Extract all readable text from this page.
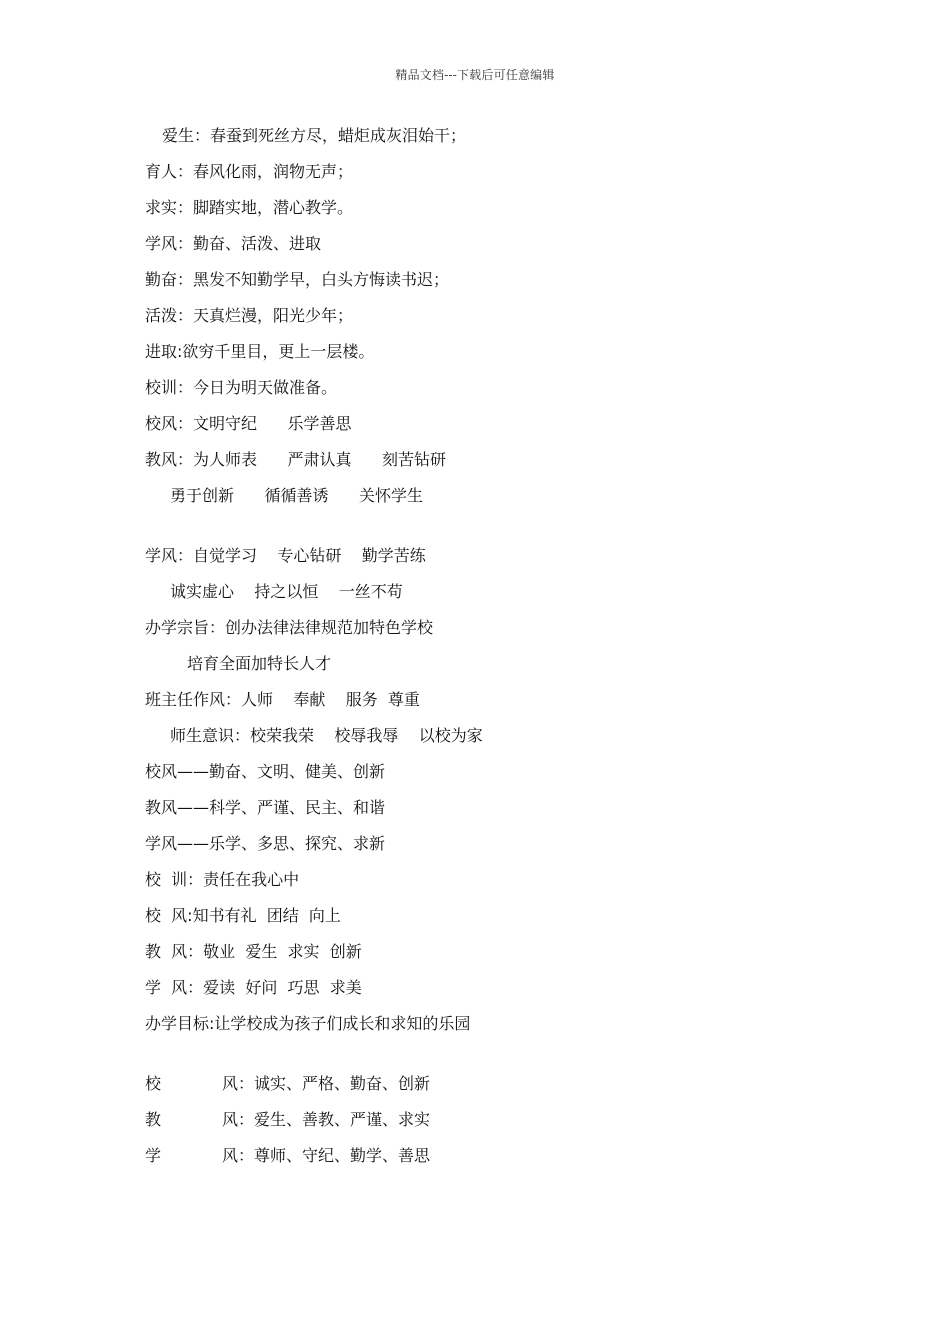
精品文档---下载后可任意编辑
爱生：春蚕到死丝方尽，蜡炬成灰泪始干；
育人：春风化雨，润物无声；
求实：脚踏实地，潜心教学。
学风：勤奋、活泼、进取
勤奋：黑发不知勤学早，白头方悔读书迟；
活泼：天真烂漫，阳光少年；
进取:欲穷千里目，更上一层楼。
校训：今日为明天做准备。
校风：文明守纪      乐学善思
教风：为人师表      严肃认真      刻苦钻研
勇于创新      循循善诱      关怀学生
学风：自觉学习    专心钻研    勤学苦练
诚实虚心    持之以恒    一丝不苟
办学宗旨：创办法律法律规范加特色学校
培育全面加特长人才
班主任作风：人师    奉献    服务  尊重
师生意识：校荣我荣    校辱我辱    以校为家
校风——勤奋、文明、健美、创新
教风——科学、严谨、民主、和谐
学风——乐学、多思、探究、求新
校  训：责任在我心中
校  风:知书有礼  团结  向上
教  风：敬业  爱生  求实  创新
学  风：爱读  好问  巧思  求美
办学目标:让学校成为孩子们成长和求知的乐园
校            风：诚实、严格、勤奋、创新
教            风：爱生、善教、严谨、求实
学            风：尊师、守纪、勤学、善思
